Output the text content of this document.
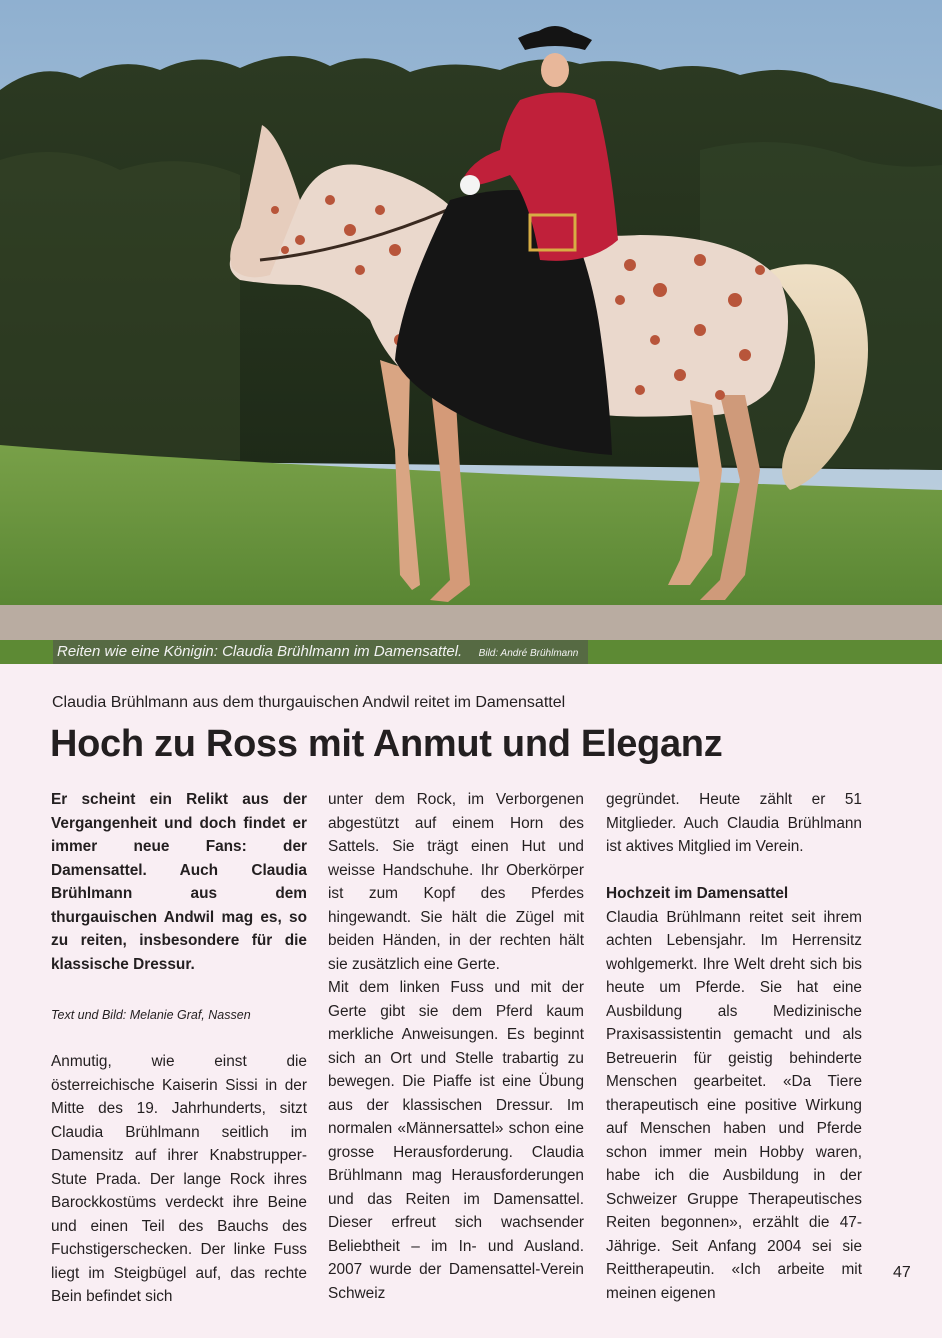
Reiten wie eine Königin: Claudia Brühlmann im Damensattel. Bild: André Brühlmann
Claudia Brühlmann aus dem thurgauischen Andwil reitet im Damensattel
Hoch zu Ross mit Anmut und Eleganz

Er scheint ein Relikt aus der Vergangenheit und doch findet er immer neue Fans: der Damensattel. Auch Claudia Brühlmann aus dem thurgauischen Andwil mag es, so zu reiten, insbesondere für die klassische Dressur.

Text und Bild: Melanie Graf, Nassen

Anmutig, wie einst die österreichische Kaiserin Sissi in der Mitte des 19. Jahrhunderts, sitzt Claudia Brühlmann seitlich im Damensitz auf ihrer Knabstrupper-Stute Prada. Der lange Rock ihres Barockkostüms verdeckt ihre Beine und einen Teil des Bauchs des Fuchstigerschecken. Der linke Fuss liegt im Steigbügel auf, das rechte Bein befindet sich

unter dem Rock, im Verborgenen abgestützt auf einem Horn des Sattels. Sie trägt einen Hut und weisse Handschuhe. Ihr Oberkörper ist zum Kopf des Pferdes hingewandt. Sie hält die Zügel mit beiden Händen, in der rechten hält sie zusätzlich eine Gerte.

Mit dem linken Fuss und mit der Gerte gibt sie dem Pferd kaum merkliche Anweisungen. Es beginnt sich an Ort und Stelle trabartig zu bewegen. Die Piaffe ist eine Übung aus der klassischen Dressur. Im normalen «Männersattel» schon eine grosse Herausforderung. Claudia Brühlmann mag Herausforderungen und das Reiten im Damensattel. Dieser erfreut sich wachsender Beliebtheit – im In- und Ausland. 2007 wurde der Damensattel-Verein Schweiz

gegründet. Heute zählt er 51 Mitglieder. Auch Claudia Brühlmann ist aktives Mitglied im Verein.

Hochzeit im Damensattel

Claudia Brühlmann reitet seit ihrem achten Lebensjahr. Im Herrensitz wohlgemerkt. Ihre Welt dreht sich bis heute um Pferde. Sie hat eine Ausbildung als Medizinische Praxisassistentin gemacht und als Betreuerin für geistig behinderte Menschen gearbeitet. «Da Tiere therapeutisch eine positive Wirkung auf Menschen haben und Pferde schon immer mein Hobby waren, habe ich die Ausbildung in der Schweizer Gruppe Therapeutisches Reiten begonnen», erzählt die 47-Jährige. Seit Anfang 2004 sei sie Reittherapeutin. «Ich arbeite mit meinen eigenen

47
